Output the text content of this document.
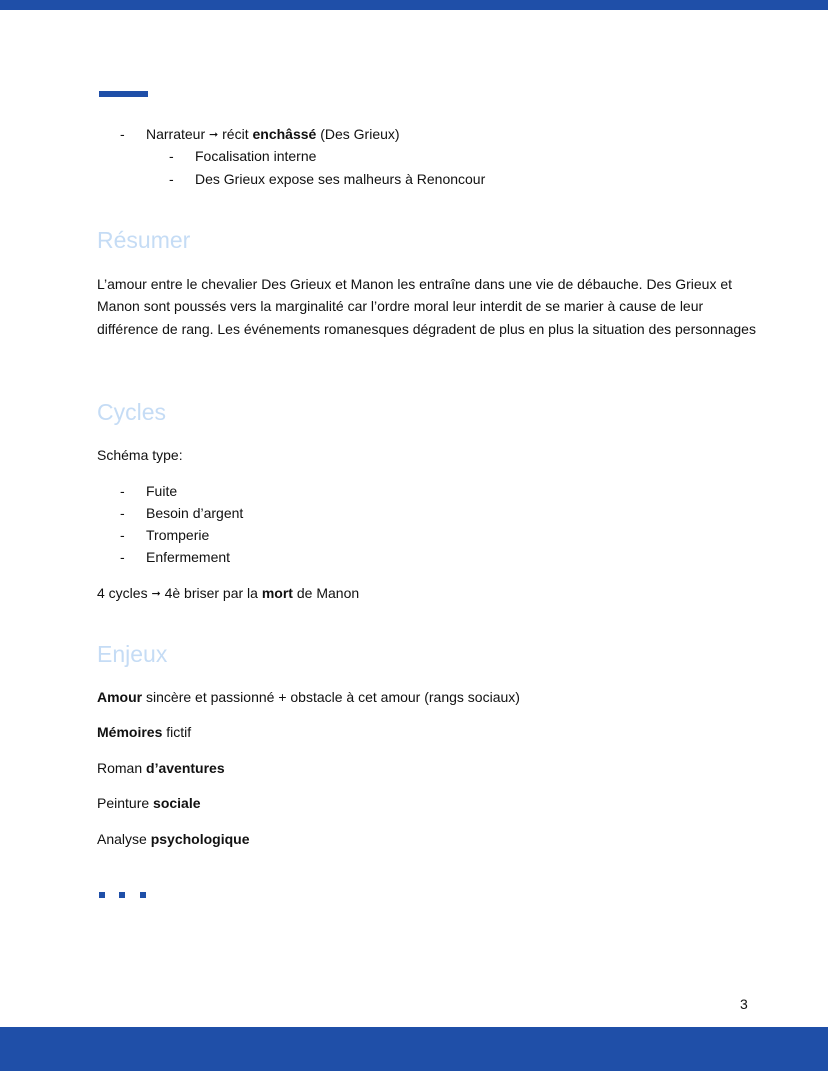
- Narrateur ➞ récit enchâssé (Des Grieux)
- Focalisation interne
- Des Grieux expose ses malheurs à Renoncour
Résumer
L’amour entre le chevalier Des Grieux et Manon les entraîne dans une vie de débauche. Des Grieux et Manon sont poussés vers la marginalité car l’ordre moral leur interdit de se marier à cause de leur différence de rang. Les événements romanesques dégradent de plus en plus la situation des personnages
Cycles
Schéma type:
- Fuite
- Besoin d’argent
- Tromperie
- Enfermement
4 cycles ➞ 4è briser par la mort de Manon
Enjeux
Amour sincère et passionné + obstacle à cet amour (rangs sociaux)
Mémoires fictif
Roman d’aventures
Peinture sociale
Analyse psychologique
3
